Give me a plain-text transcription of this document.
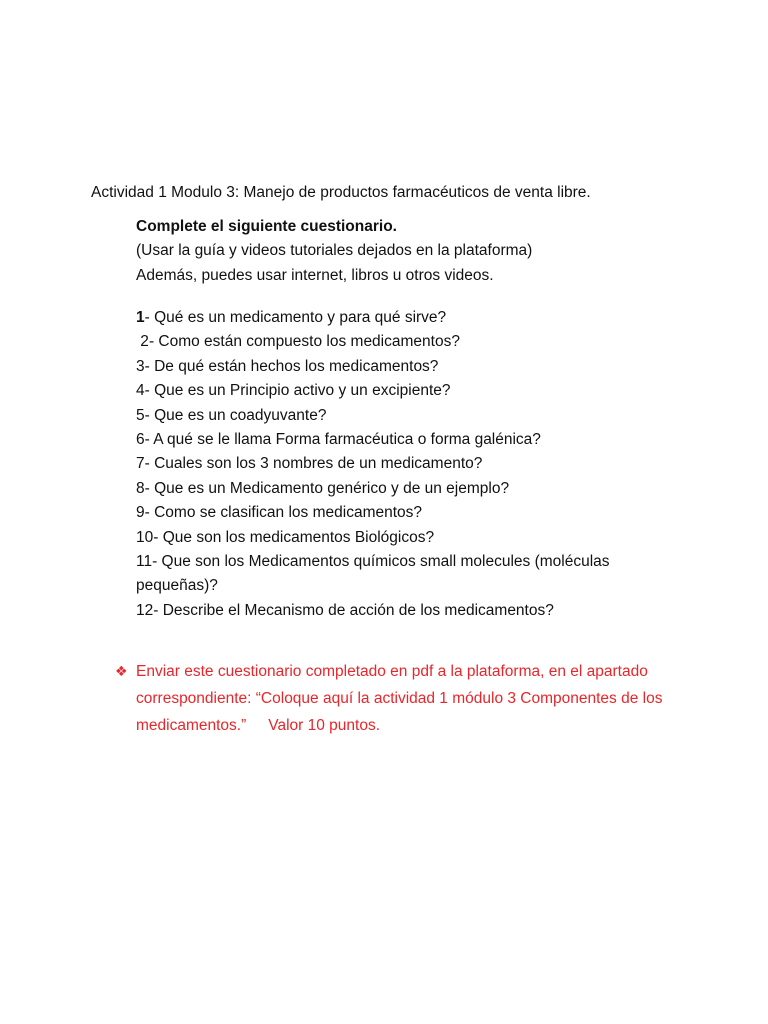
Actividad 1 Modulo 3: Manejo de productos farmacéuticos de venta libre.
Complete el siguiente cuestionario.
(Usar la guía y videos tutoriales dejados en la plataforma)
Además, puedes usar internet, libros u otros videos.
1- Qué es un medicamento y para qué sirve?
2- Como están compuesto los medicamentos?
3- De qué están hechos los medicamentos?
4- Que es un Principio activo y un excipiente?
5- Que es un coadyuvante?
6- A qué se le llama Forma farmacéutica o forma galénica?
7- Cuales son los 3 nombres de un medicamento?
8- Que es un Medicamento genérico y de un ejemplo?
9- Como se clasifican los medicamentos?
10- Que son los medicamentos Biológicos?
11- Que son los Medicamentos químicos small molecules (moléculas pequeñas)?
12- Describe el Mecanismo de acción de los medicamentos?
❖ Enviar este cuestionario completado en pdf a la plataforma, en el apartado correspondiente: “Coloque aquí la actividad 1 módulo 3 Componentes de los medicamentos.” Valor 10 puntos.
